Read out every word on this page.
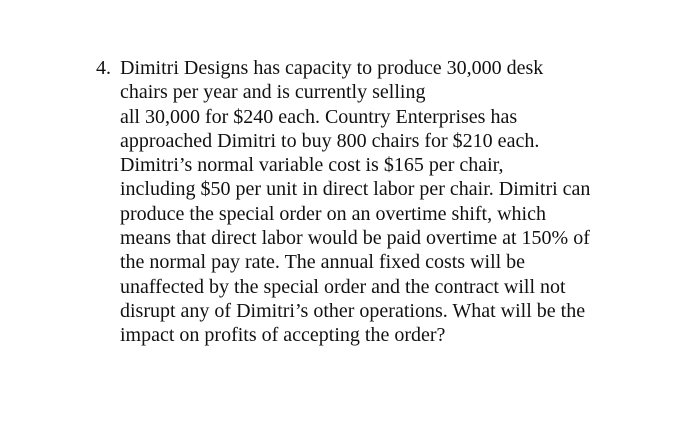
4. Dimitri Designs has capacity to produce 30,000 desk
chairs per year and is currently selling
all 30,000 for $240 each. Country Enterprises has
approached Dimitri to buy 800 chairs for $210 each.
Dimitri’s normal variable cost is $165 per chair,
including $50 per unit in direct labor per chair. Dimitri can
produce the special order on an overtime shift, which
means that direct labor would be paid overtime at 150% of
the normal pay rate. The annual fixed costs will be
unaffected by the special order and the contract will not
disrupt any of Dimitri’s other operations. What will be the
impact on profits of accepting the order?
